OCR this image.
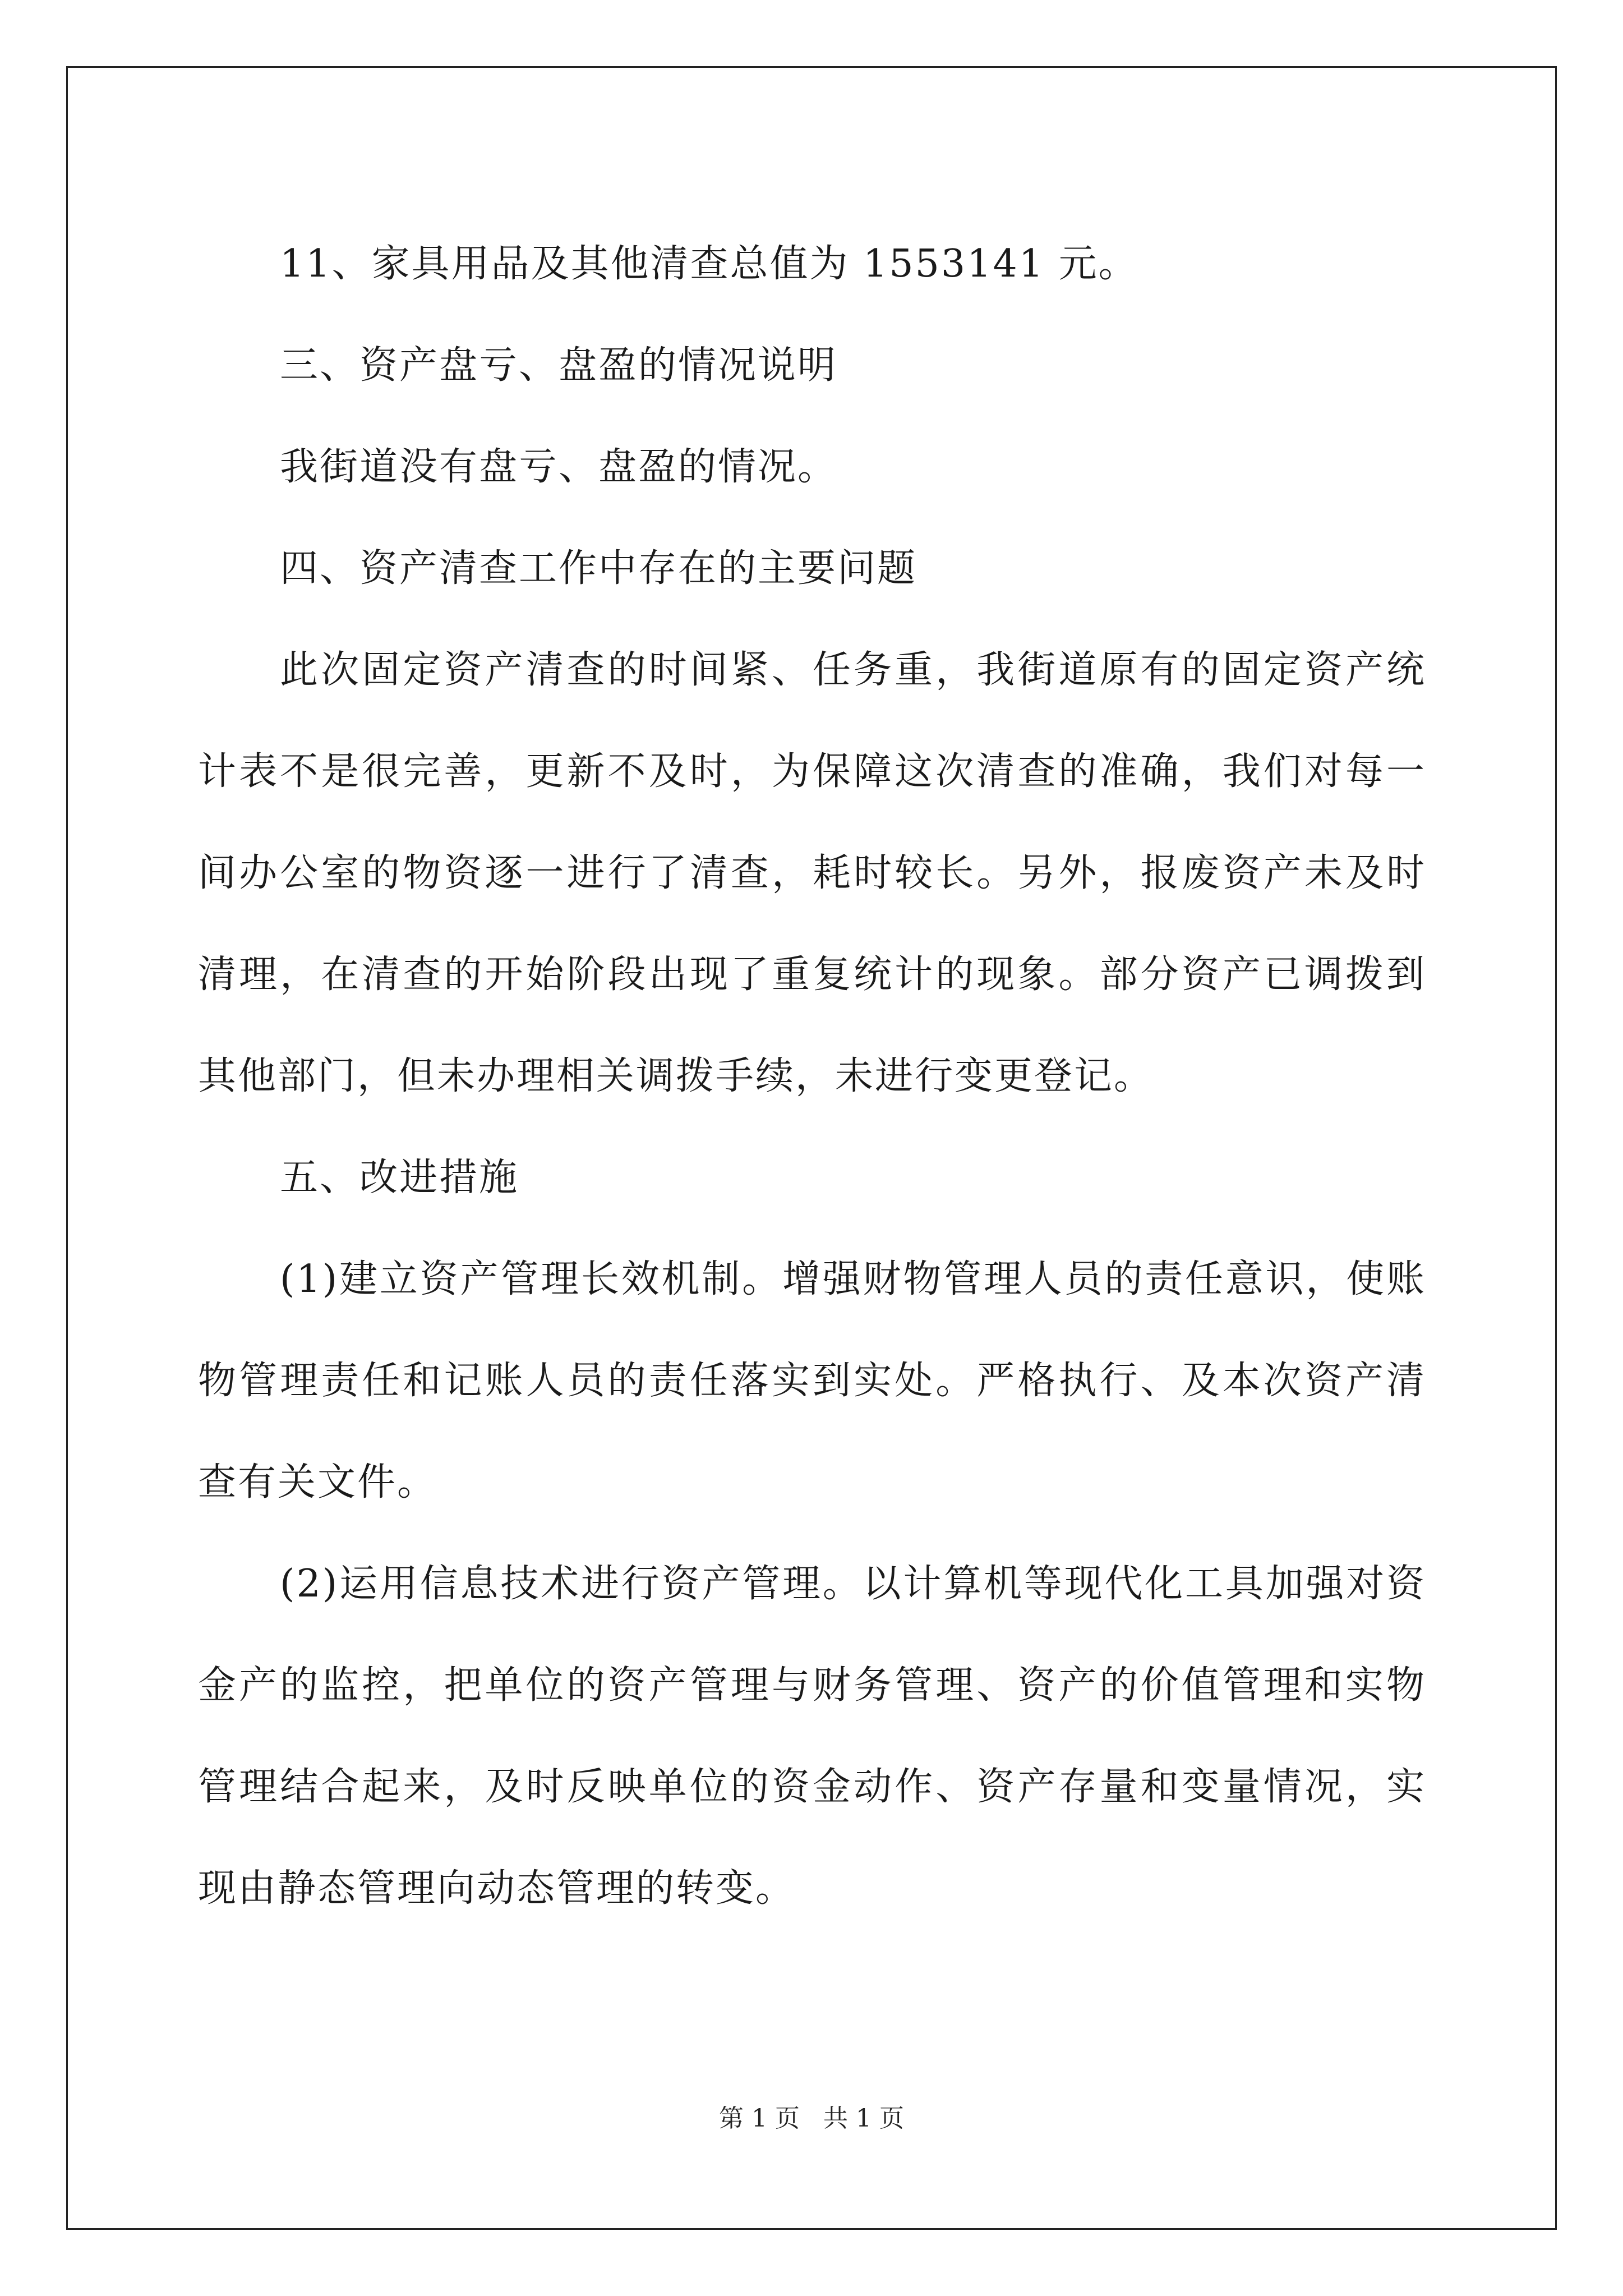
11、家具用品及其他清查总值为 1553141 元。

三、资产盘亏、盘盈的情况说明

我街道没有盘亏、盘盈的情况。

四、资产清查工作中存在的主要问题

此次固定资产清查的时间紧、任务重，我街道原有的固定资产统计表不是很完善，更新不及时，为保障这次清查的准确，我们对每一间办公室的物资逐一进行了清查，耗时较长。另外，报废资产未及时清理，在清查的开始阶段出现了重复统计的现象。部分资产已调拨到其他部门，但未办理相关调拨手续，未进行变更登记。

五、改进措施

(1)建立资产管理长效机制。增强财物管理人员的责任意识，使账物管理责任和记账人员的责任落实到实处。严格执行、及本次资产清查有关文件。

(2)运用信息技术进行资产管理。以计算机等现代化工具加强对资金产的监控，把单位的资产管理与财务管理、资产的价值管理和实物管理结合起来，及时反映单位的资金动作、资产存量和变量情况，实现由静态管理向动态管理的转变。

第 1 页 共 1 页
